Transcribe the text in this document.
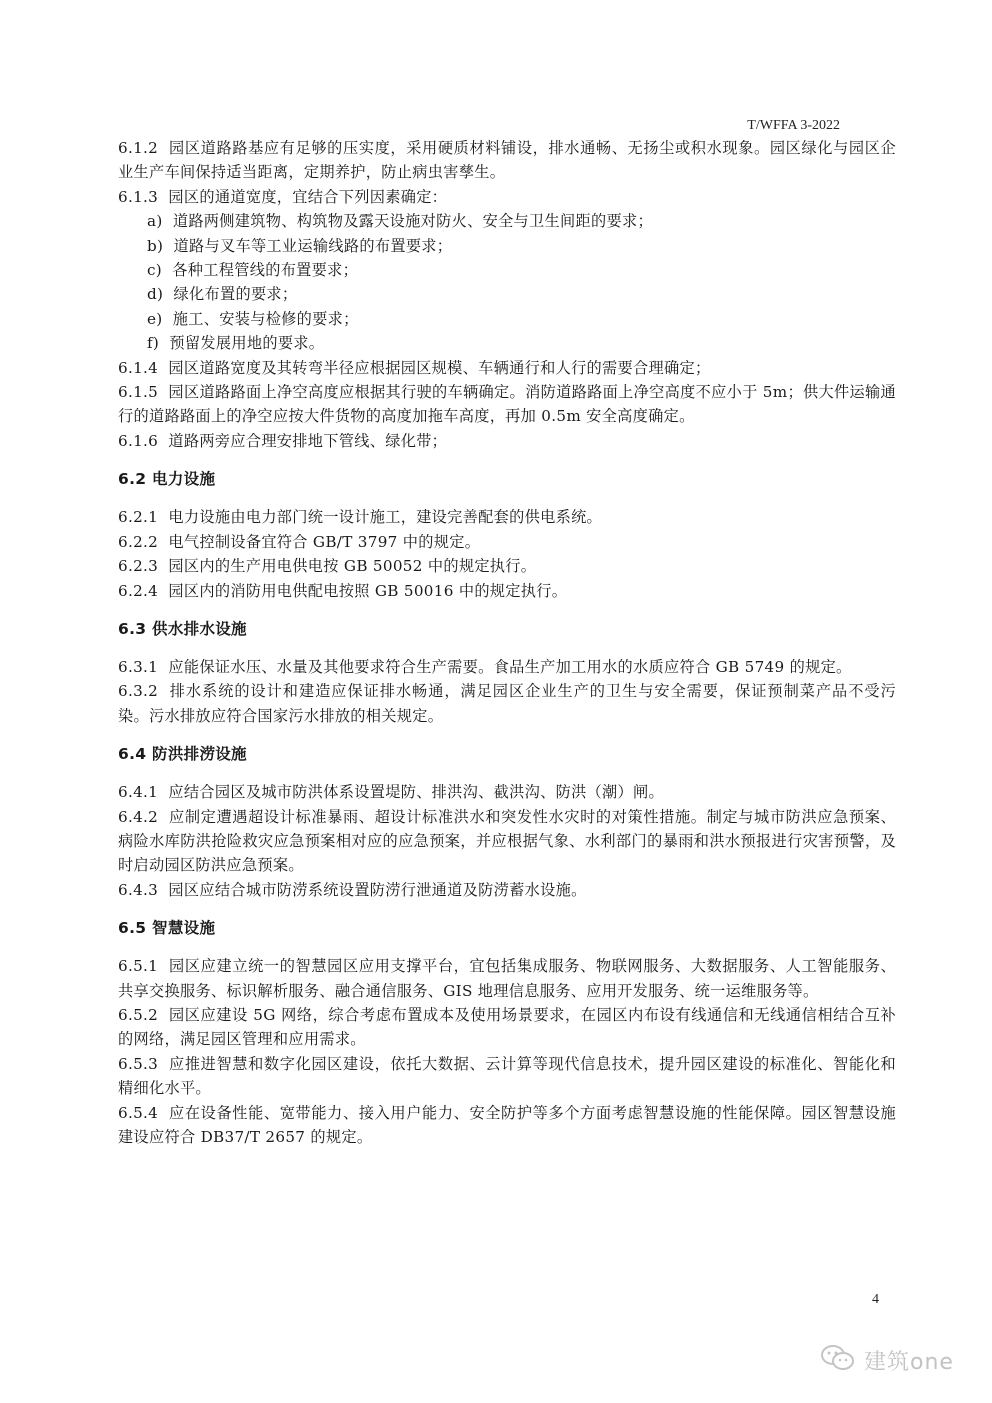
T/WFFA 3-2022

6.1.2  园区道路路基应有足够的压实度，采用硬质材料铺设，排水通畅、无扬尘或积水现象。园区绿化与园区企业生产车间保持适当距离，定期养护，防止病虫害孳生。

6.1.3  园区的通道宽度，宜结合下列因素确定：

a)  道路两侧建筑物、构筑物及露天设施对防火、安全与卫生间距的要求；

b)  道路与叉车等工业运输线路的布置要求；

c)  各种工程管线的布置要求；

d)  绿化布置的要求；

e)  施工、安装与检修的要求；

f)  预留发展用地的要求。

6.1.4  园区道路宽度及其转弯半径应根据园区规模、车辆通行和人行的需要合理确定；

6.1.5  园区道路路面上净空高度应根据其行驶的车辆确定。消防道路路面上净空高度不应小于 5m；供大件运输通行的道路路面上的净空应按大件货物的高度加拖车高度，再加 0.5m 安全高度确定。

6.1.6  道路两旁应合理安排地下管线、绿化带；

6.2 电力设施

6.2.1  电力设施由电力部门统一设计施工，建设完善配套的供电系统。

6.2.2  电气控制设备宜符合 GB/T 3797 中的规定。

6.2.3  园区内的生产用电供电按 GB 50052 中的规定执行。

6.2.4  园区内的消防用电供配电按照 GB 50016 中的规定执行。

6.3 供水排水设施

6.3.1  应能保证水压、水量及其他要求符合生产需要。食品生产加工用水的水质应符合 GB 5749 的规定。

6.3.2  排水系统的设计和建造应保证排水畅通，满足园区企业生产的卫生与安全需要，保证预制菜产品不受污染。污水排放应符合国家污水排放的相关规定。

6.4 防洪排涝设施

6.4.1  应结合园区及城市防洪体系设置堤防、排洪沟、截洪沟、防洪（潮）闸。

6.4.2  应制定遭遇超设计标准暴雨、超设计标准洪水和突发性水灾时的对策性措施。制定与城市防洪应急预案、病险水库防洪抢险救灾应急预案相对应的应急预案，并应根据气象、水利部门的暴雨和洪水预报进行灾害预警，及时启动园区防洪应急预案。

6.4.3  园区应结合城市防涝系统设置防涝行泄通道及防涝蓄水设施。

6.5 智慧设施

6.5.1  园区应建立统一的智慧园区应用支撑平台，宜包括集成服务、物联网服务、大数据服务、人工智能服务、共享交换服务、标识解析服务、融合通信服务、GIS 地理信息服务、应用开发服务、统一运维服务等。

6.5.2  园区应建设 5G 网络，综合考虑布置成本及使用场景要求，在园区内布设有线通信和无线通信相结合互补的网络，满足园区管理和应用需求。

6.5.3  应推进智慧和数字化园区建设，依托大数据、云计算等现代信息技术，提升园区建设的标准化、智能化和精细化水平。

6.5.4  应在设备性能、宽带能力、接入用户能力、安全防护等多个方面考虑智慧设施的性能保障。园区智慧设施建设应符合 DB37/T 2657 的规定。

4
建筑one
